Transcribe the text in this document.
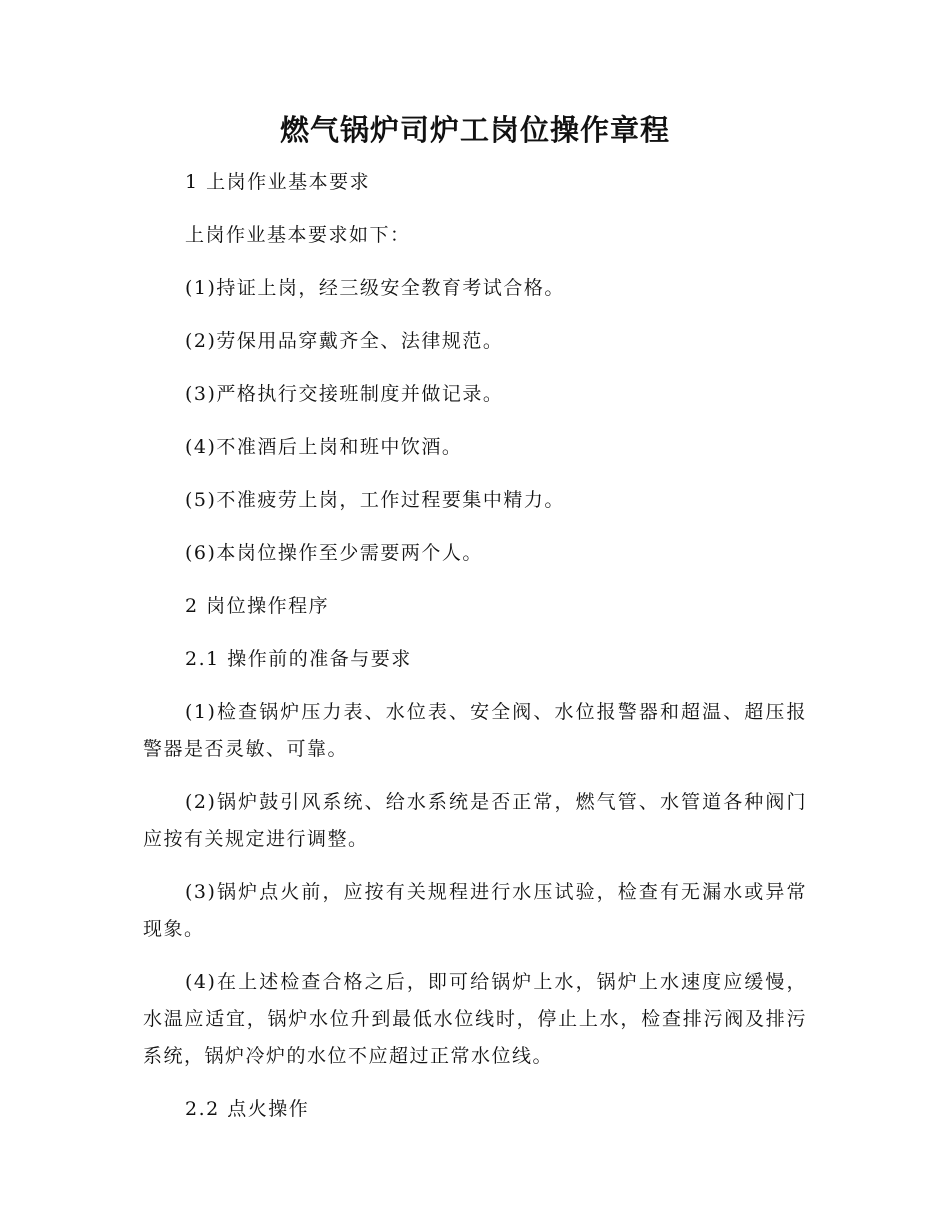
燃气锅炉司炉工岗位操作章程

1 上岗作业基本要求

上岗作业基本要求如下：

(1)持证上岗，经三级安全教育考试合格。

(2)劳保用品穿戴齐全、法律规范。

(3)严格执行交接班制度并做记录。

(4)不准酒后上岗和班中饮酒。

(5)不准疲劳上岗，工作过程要集中精力。

(6)本岗位操作至少需要两个人。

2 岗位操作程序

2.1 操作前的准备与要求

(1)检查锅炉压力表、水位表、安全阀、水位报警器和超温、超压报警器是否灵敏、可靠。

(2)锅炉鼓引风系统、给水系统是否正常，燃气管、水管道各种阀门应按有关规定进行调整。

(3)锅炉点火前，应按有关规程进行水压试验，检查有无漏水或异常现象。

(4)在上述检查合格之后，即可给锅炉上水，锅炉上水速度应缓慢，水温应适宜，锅炉水位升到最低水位线时，停止上水，检查排污阀及排污系统，锅炉冷炉的水位不应超过正常水位线。

2.2 点火操作
